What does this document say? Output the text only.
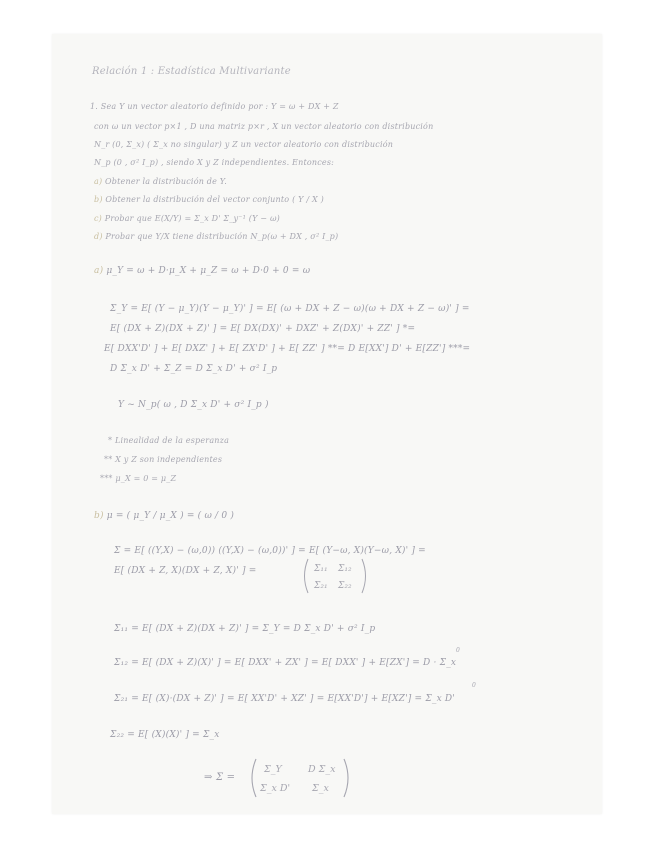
Relación 1 : Estadística Multivariante
1. Sea Y un vector aleatorio definido por : Y = ω + DX + Z
con ω un vector p×1 , D una matriz p×r , X un vector aleatorio con distribución
N_r (0, Σ_x) ( Σ_x no singular) y Z un vector aleatorio con distribución
N_p (0 , σ² I_p) , siendo X y Z independientes. Entonces:
a) Obtener la distribución de Y.
b) Obtener la distribución del vector conjunto ( Y / X )
c) Probar que E(X/Y) = Σ_x D' Σ_y⁻¹ (Y − ω)
d) Probar que Y/X tiene distribución N_p(ω + DX , σ² I_p)
a) μ_Y = ω + D·μ_X + μ_Z = ω + D·0 + 0 = ω
Σ_Y = E[ (Y − μ_Y)(Y − μ_Y)' ] = E[ (ω + DX + Z − ω)(ω + DX + Z − ω)' ] =
E[ (DX + Z)(DX + Z)' ] = E[ DX(DX)' + DXZ' + Z(DX)' + ZZ' ] *=
E[ DXX'D' ] + E[ DXZ' ] + E[ ZX'D' ] + E[ ZZ' ] **= D E[XX'] D' + E[ZZ'] ***=
D Σ_x D' + Σ_Z = D Σ_x D' + σ² I_p
Y ~ N_p( ω , D Σ_x D' + σ² I_p )
* Linealidad de la esperanza
** X y Z son independientes
*** μ_X = 0 = μ_Z
b) μ = ( μ_Y / μ_X ) = ( ω / 0 )
Σ = E[ ((Y,X) − (ω,0)) ((Y,X) − (ω,0))' ] = E[ (Y−ω, X)(Y−ω, X)' ] =
E[ (DX + Z, X)(DX + Z, X)' ] =	Σ₁₁ Σ₁₂
Σ₂₁ Σ₂₂
Σ₁₁ = E[ (DX + Z)(DX + Z)' ] = Σ_Y = D Σ_x D' + σ² I_p
Σ₁₂ = E[ (DX + Z)(X)' ] = E[ DXX' + ZX' ] = E[ DXX' ] + E[ZX'] = D · Σ_x
Σ₂₁ = E[ (X)·(DX + Z)' ] = E[ XX'D' + XZ' ] = E[XX'D'] + E[XZ'] = Σ_x D'
Σ₂₂ = E[ (X)(X)' ] = Σ_x
0
0
⇒ Σ =
Σ_Y	D Σ_x
Σ_x D' Σ_x
